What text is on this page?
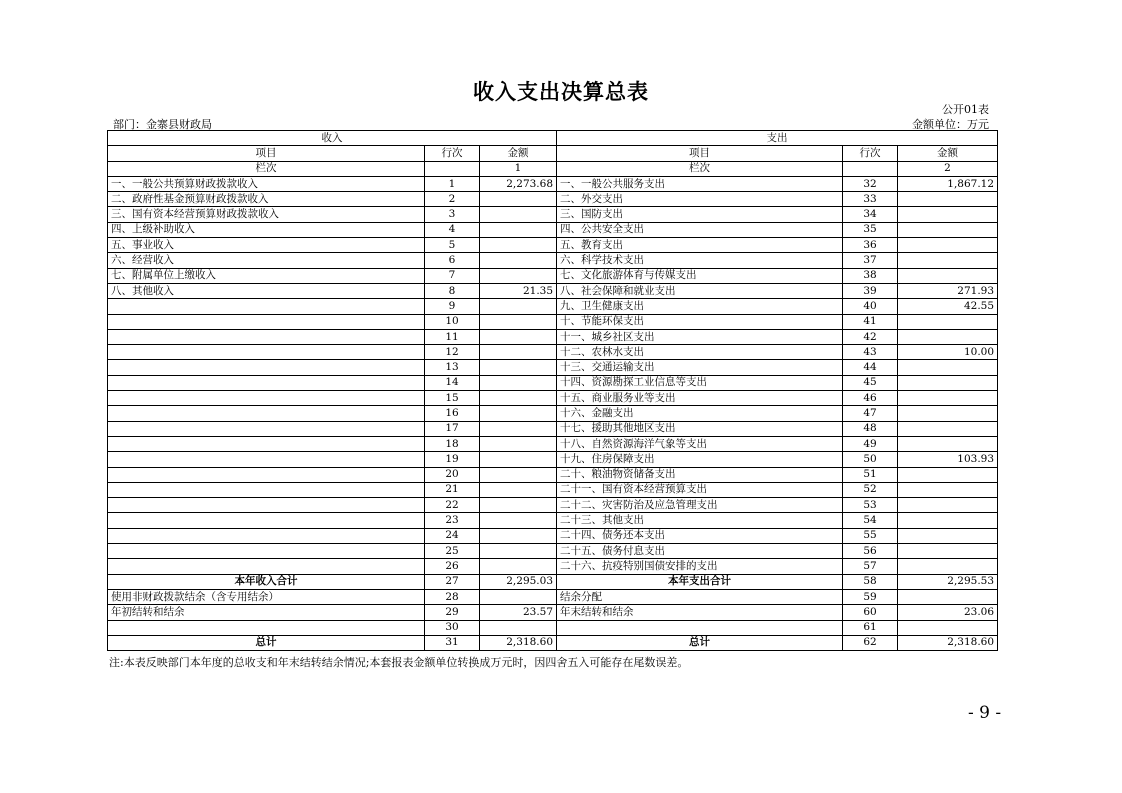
收入支出决算总表
公开01表
部门：金寨县财政局	金额单位：万元
收入			支出		
项目	行次	金额	项目	行次	金额
栏次		1	栏次		2
一、一般公共预算财政拨款收入	1	2,273.68	一、一般公共服务支出	32	1,867.12
二、政府性基金预算财政拨款收入	2		二、外交支出	33	
三、国有资本经营预算财政拨款收入	3		三、国防支出	34	
四、上级补助收入	4		四、公共安全支出	35	
五、事业收入	5		五、教育支出	36	
六、经营收入	6		六、科学技术支出	37	
七、附属单位上缴收入	7		七、文化旅游体育与传媒支出	38	
八、其他收入	8	21.35	八、社会保障和就业支出	39	271.93
	9		九、卫生健康支出	40	42.55
	10		十、节能环保支出	41	
	11		十一、城乡社区支出	42	
	12		十二、农林水支出	43	10.00
	13		十三、交通运输支出	44	
	14		十四、资源勘探工业信息等支出	45	
	15		十五、商业服务业等支出	46	
	16		十六、金融支出	47	
	17		十七、援助其他地区支出	48	
	18		十八、自然资源海洋气象等支出	49	
	19		十九、住房保障支出	50	103.93
	20		二十、粮油物资储备支出	51	
	21		二十一、国有资本经营预算支出	52	
	22		二十二、灾害防治及应急管理支出	53	
	23		二十三、其他支出	54	
	24		二十四、债务还本支出	55	
	25		二十五、债务付息支出	56	
	26		二十六、抗疫特别国债安排的支出	57	
本年收入合计	27	2,295.03	本年支出合计	58	2,295.53
使用非财政拨款结余（含专用结余）	28		结余分配	59	
年初结转和结余	29	23.57	年末结转和结余	60	23.06
	30			61	
总计	31	2,318.60	总计	62	2,318.60
注:本表反映部门本年度的总收支和年末结转结余情况;本套报表金额单位转换成万元时，因四舍五入可能存在尾数误差。
- 9 -
